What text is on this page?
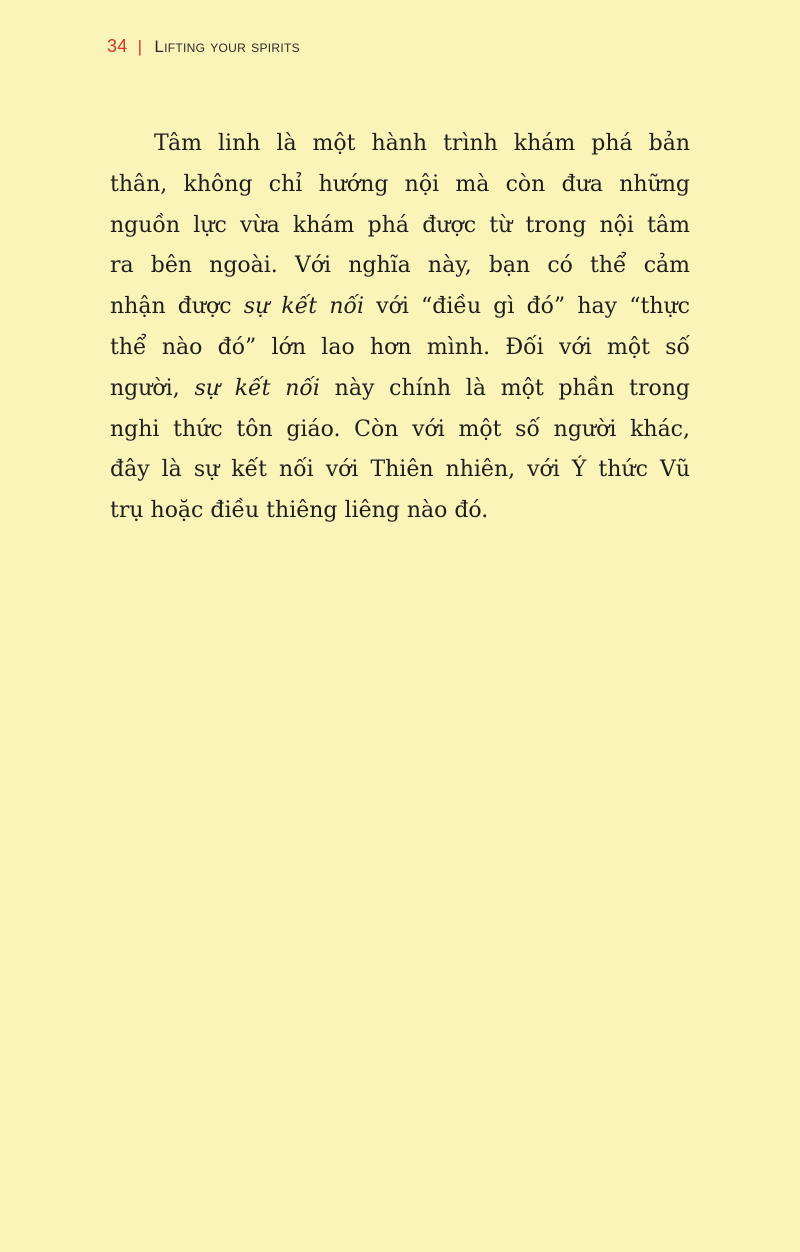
34 | Lifting your spirits
Tâm linh là một hành trình khám phá bản
thân, không chỉ hướng nội mà còn đưa những
nguồn lực vừa khám phá được từ trong nội tâm
ra bên ngoài. Với nghĩa này, bạn có thể cảm
nhận được sự kết nối với “điều gì đó” hay “thực
thể nào đó” lớn lao hơn mình. Đối với một số
người, sự kết nối này chính là một phần trong
nghi thức tôn giáo. Còn với một số người khác,
đây là sự kết nối với Thiên nhiên, với Ý thức Vũ
trụ hoặc điều thiêng liêng nào đó.
